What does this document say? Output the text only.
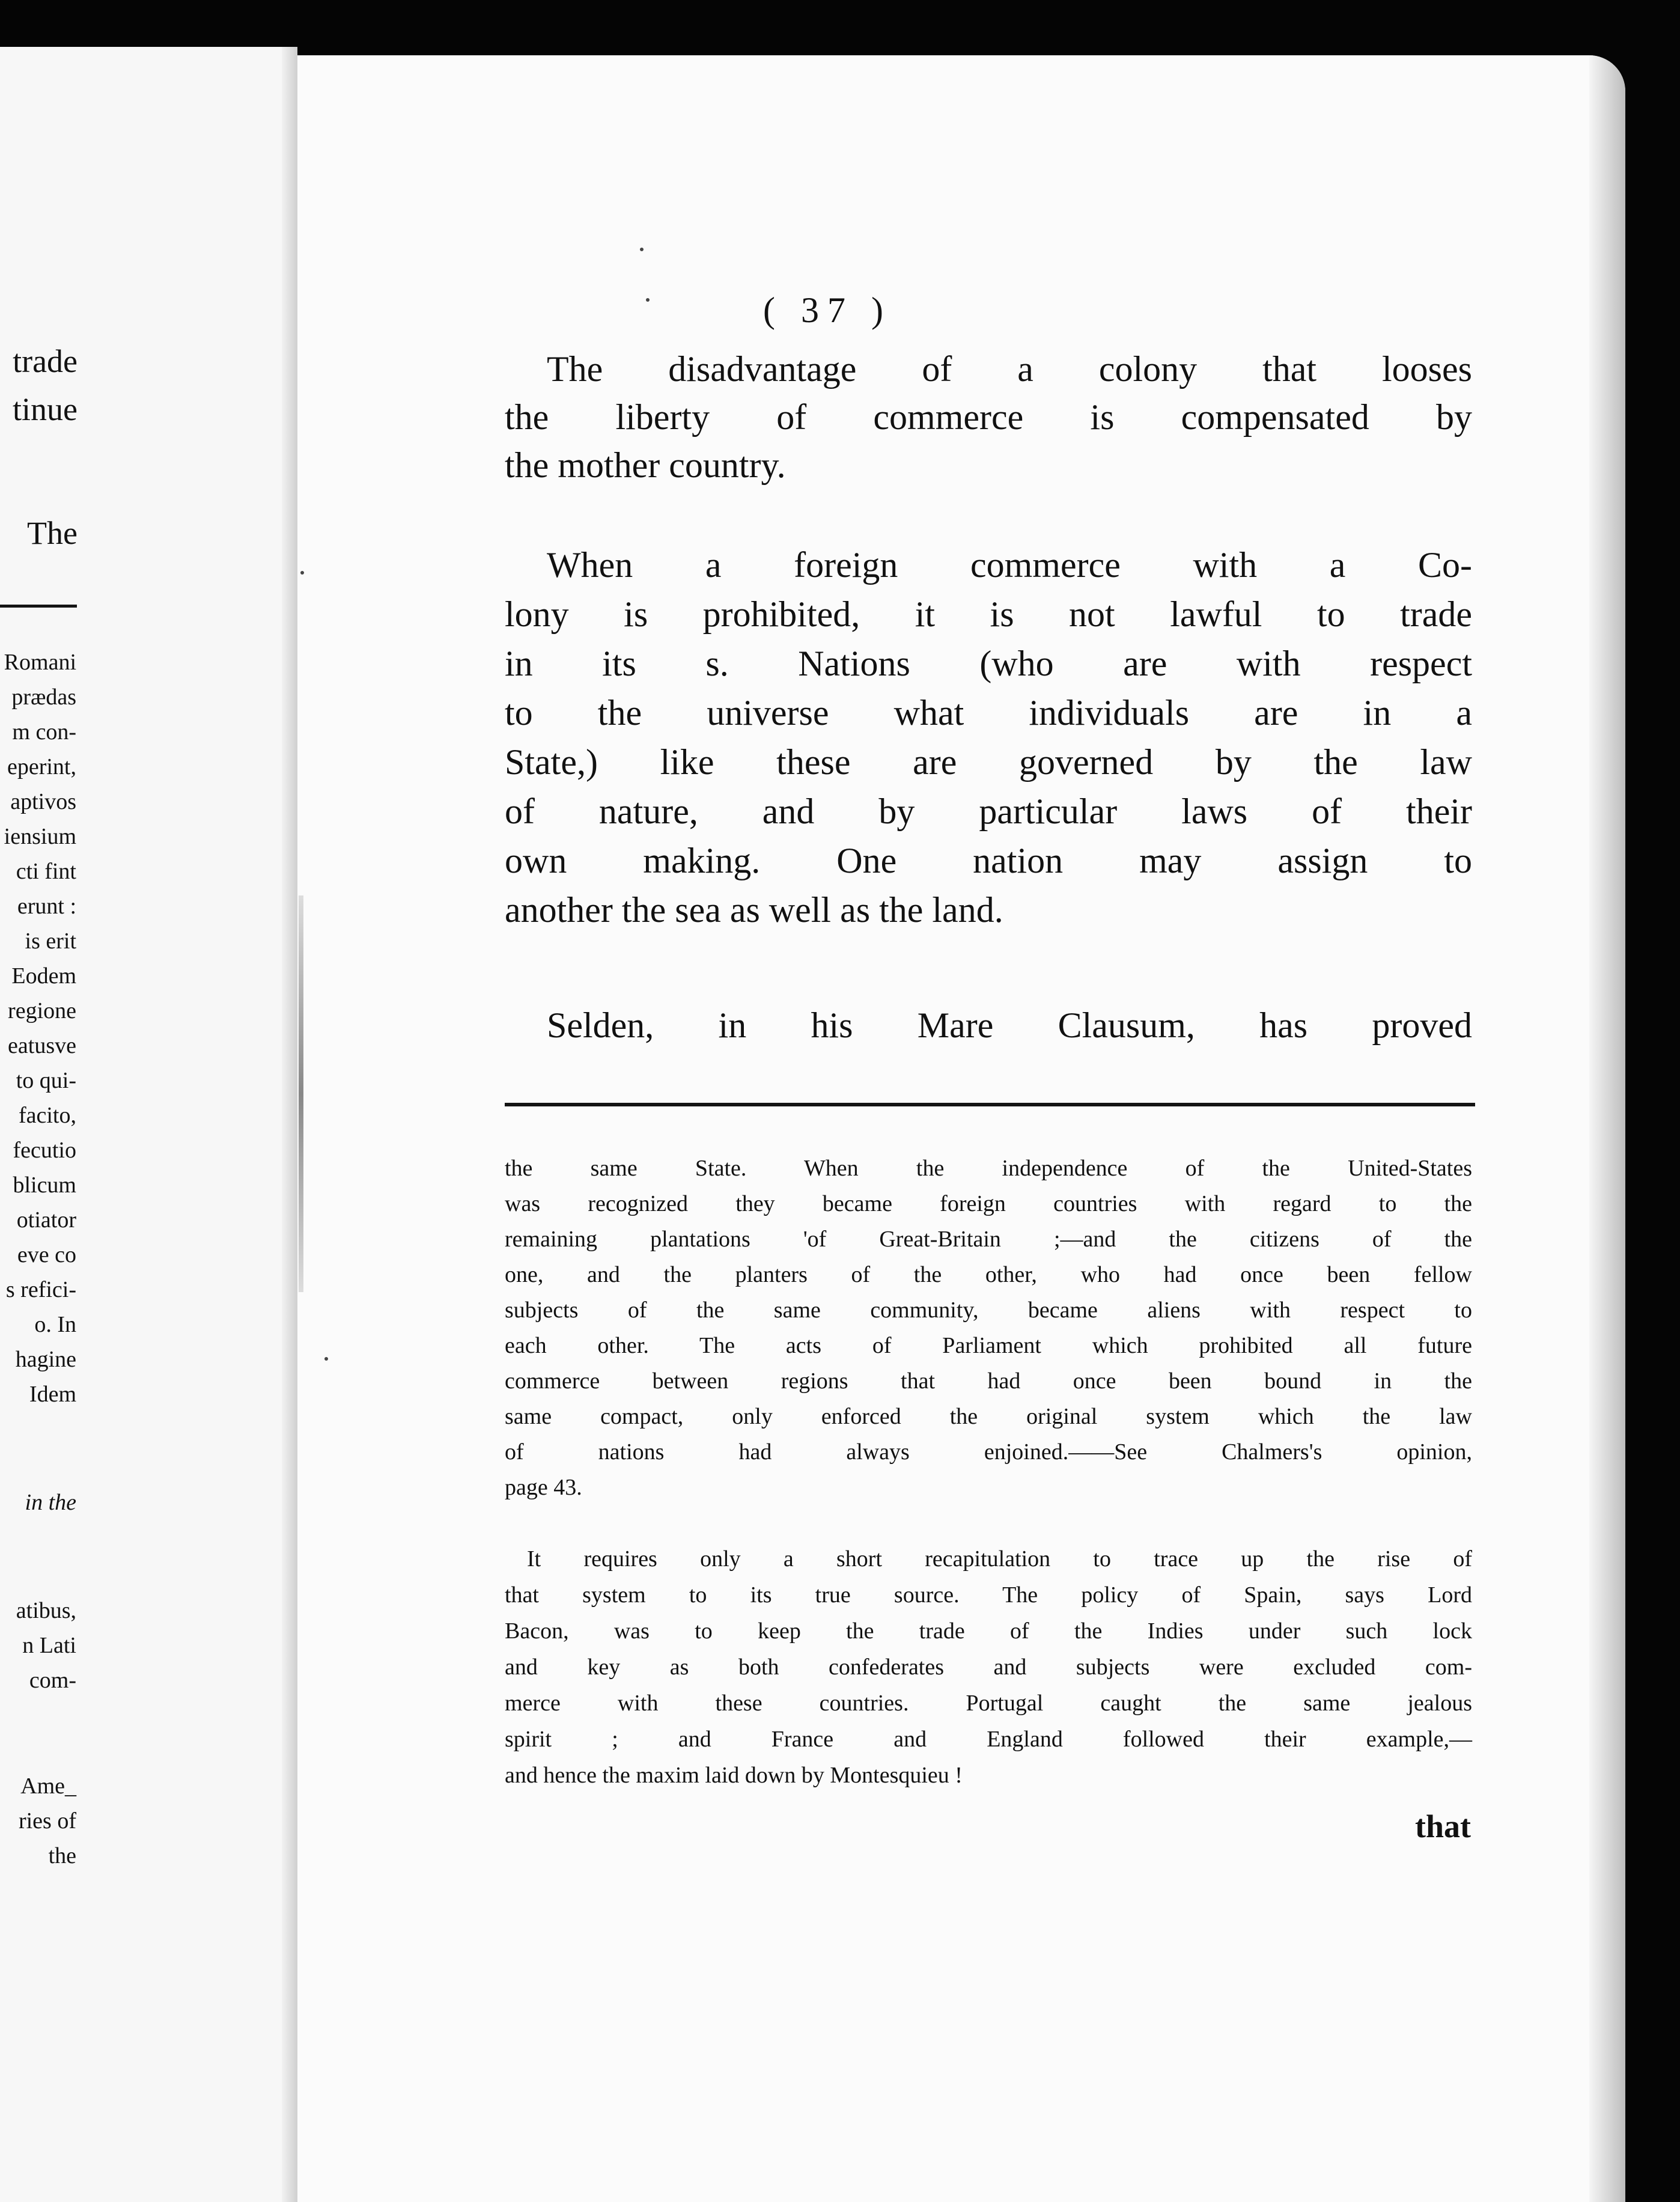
trade
tinue
The
Romani
prædas
m con-
eperint,
aptivos
iensium
cti fint
erunt :
is erit
Eodem
regione
eatusve
to qui-
facito,
fecutio
blicum
otiator
eve co
s refici-
o. In
hagine
Idem
in the
atibus,
n Lati
com-
Ame_
ries of
the
( 37 )
The disadvantage of a colony that looses
the liberty of commerce is compensated by
the mother country.
When a foreign commerce with a Co-
lony is prohibited, it is not lawful to trade
in its s. Nations (who are with respect
to the universe what individuals are in a
State,) like these are governed by the law
of nature, and by particular laws of their
own making. One nation may assign to
another the sea as well as the land.
Selden, in his Mare Clausum, has proved
the same State. When the independence of the United-States
was recognized they became foreign countries with regard to the
remaining plantations 'of Great-Britain ;—and the citizens of the
one, and the planters of the other, who had once been fellow
subjects of the same community, became aliens with respect to
each other. The acts of Parliament which prohibited all future
commerce between regions that had once been bound in the
same compact, only enforced the original system which the law
of nations had always enjoined.——See Chalmers's opinion,
page 43.
It requires only a short recapitulation to trace up the rise of
that system to its true source. The policy of Spain, says Lord
Bacon, was to keep the trade of the Indies under such lock
and key as both confederates and subjects were excluded com-
merce with these countries. Portugal caught the same jealous
spirit ; and France and England followed their example,—
and hence the maxim laid down by Montesquieu !
that
